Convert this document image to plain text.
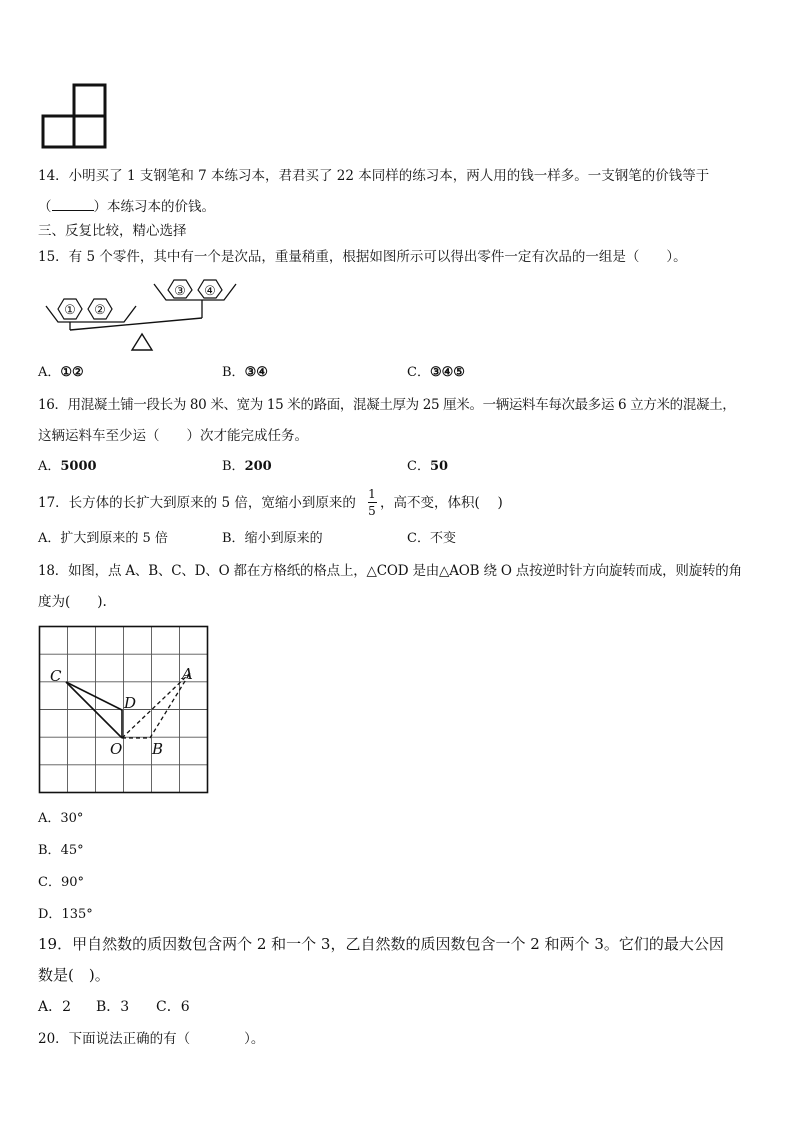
14．小明买了 1 支钢笔和 7 本练习本，君君买了 22 本同样的练习本，两人用的钱一样多。一支钢笔的价钱等于
（	）本练习本的价钱。
三、反复比较，精心选择
15．有 5 个零件，其中有一个是次品，重量稍重，根据如图所示可以得出零件一定有次品的一组是（　　）。
① ②
③ ④
A．①②	B．③④	C．③④⑤
16．用混凝土铺一段长为 80 米、宽为 15 米的路面，混凝土厚为 25 厘米。一辆运料车每次最多运 6 立方米的混凝土，
这辆运料车至少运（　　）次才能完成任务。
A．5000	B．200	C．50
17．长方体的长扩大到原来的 5 倍，宽缩小到原来的
1
5 ，高不变，体积(　 )
A．扩大到原来的 5 倍	B．缩小到原来的	C．不变
18．如图，点 A、B、C、D、O 都在方格纸的格点上，△COD 是由△AOB 绕 O 点按逆时针方向旋转而成，则旋转的角
度为(　　).
C
D
A
O B
A．30°
B．45°
C．90°
D．135°
19．甲自然数的质因数包含两个 2 和一个 3，乙自然数的质因数包含一个 2 和两个 3。它们的最大公因
数是(　)。
A．2 B．3 C．6
20．下面说法正确的有（　　　　）。
